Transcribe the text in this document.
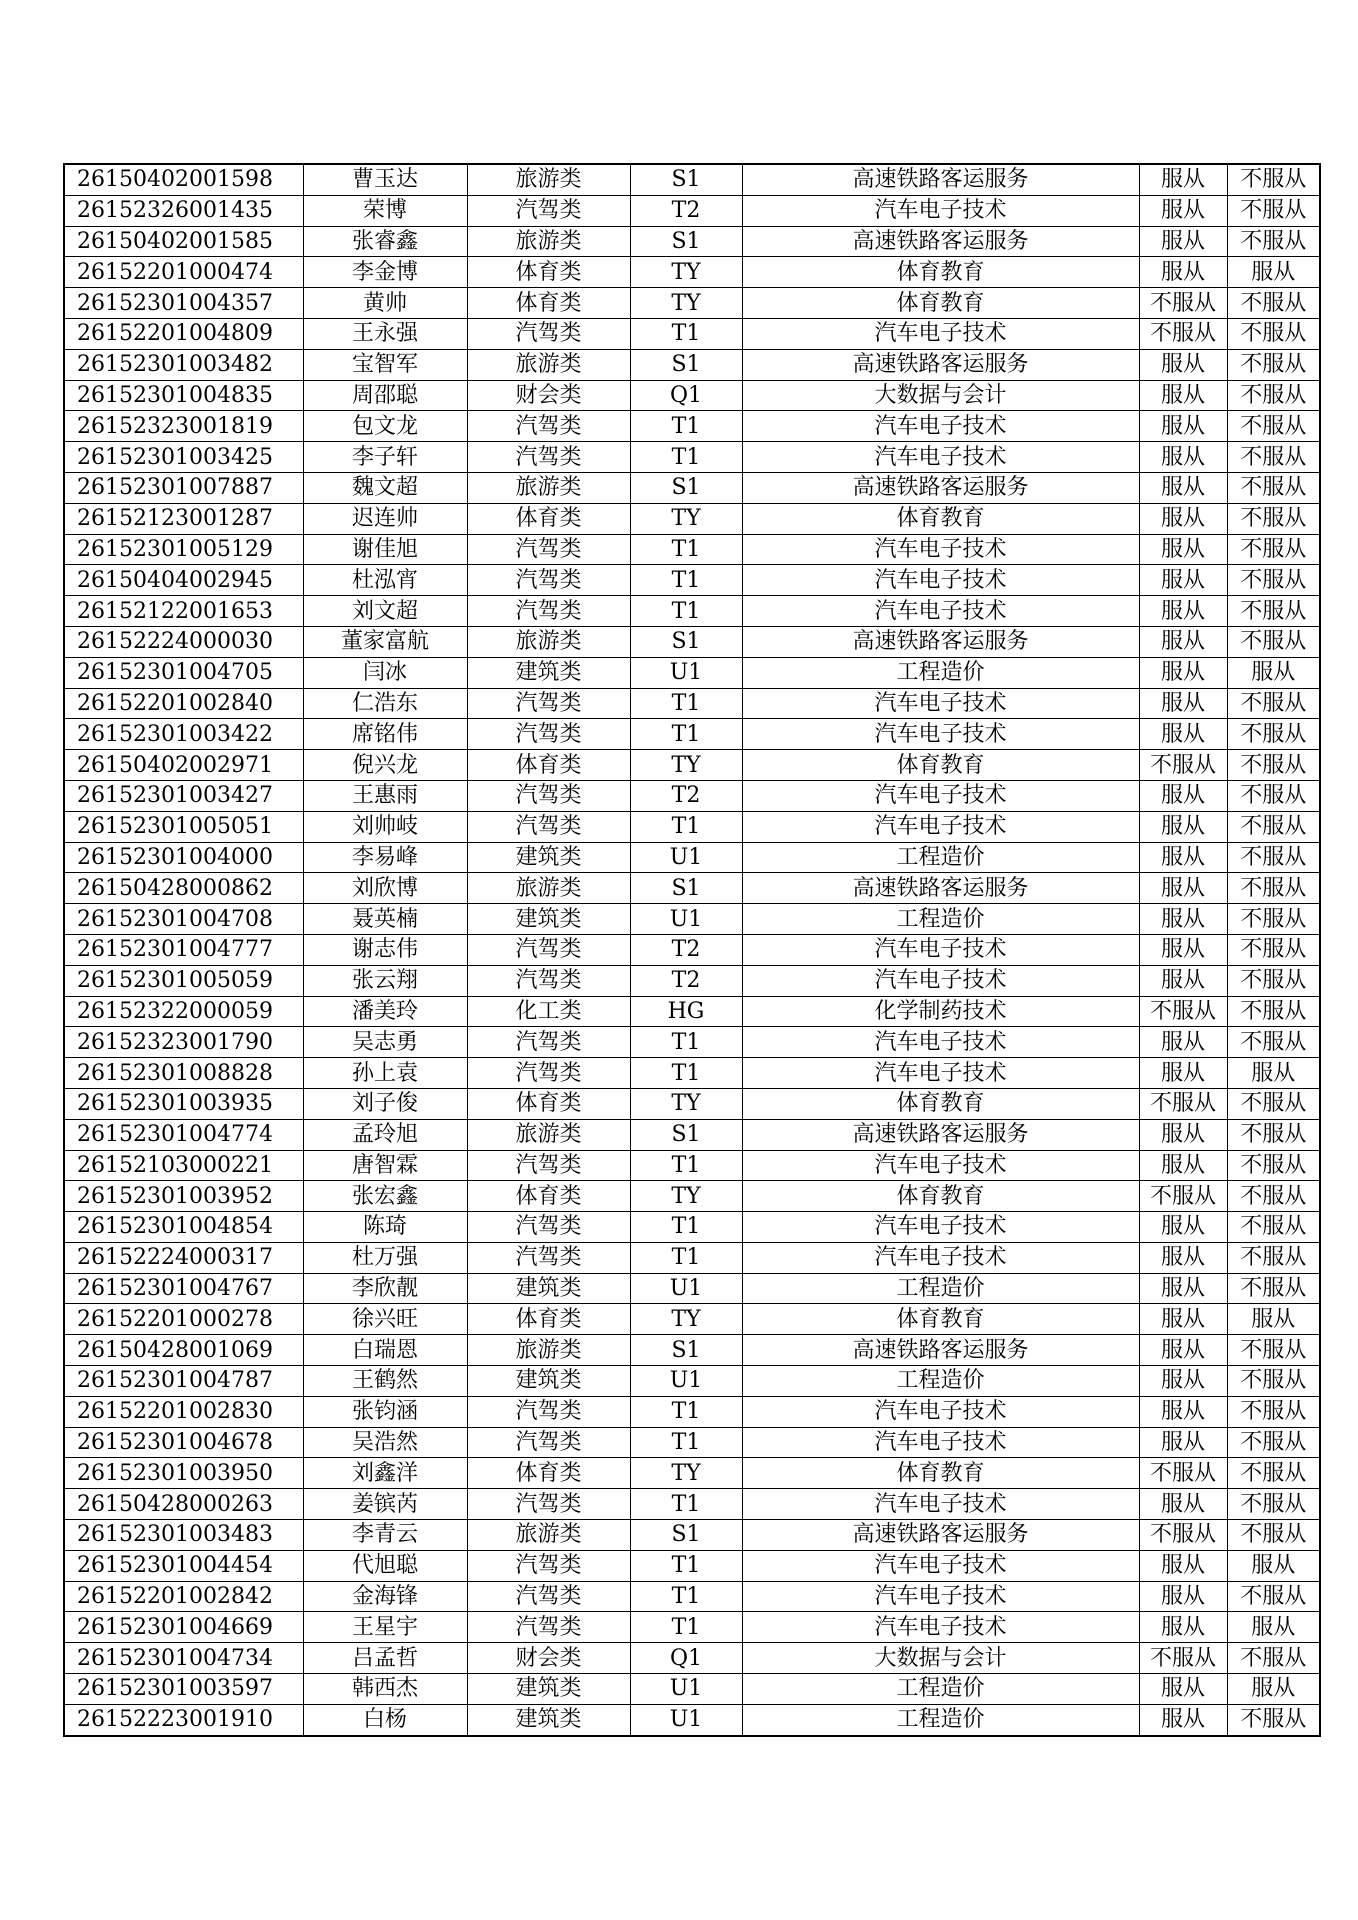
26150402001598	曹玉达	旅游类	S1	高速铁路客运服务	服从	不服从
26152326001435	荣博	汽驾类	T2	汽车电子技术	服从	不服从
26150402001585	张睿鑫	旅游类	S1	高速铁路客运服务	服从	不服从
26152201000474	李金博	体育类	TY	体育教育	服从	服从
26152301004357	黄帅	体育类	TY	体育教育	不服从	不服从
26152201004809	王永强	汽驾类	T1	汽车电子技术	不服从	不服从
26152301003482	宝智军	旅游类	S1	高速铁路客运服务	服从	不服从
26152301004835	周邵聪	财会类	Q1	大数据与会计	服从	不服从
26152323001819	包文龙	汽驾类	T1	汽车电子技术	服从	不服从
26152301003425	李子轩	汽驾类	T1	汽车电子技术	服从	不服从
26152301007887	魏文超	旅游类	S1	高速铁路客运服务	服从	不服从
26152123001287	迟连帅	体育类	TY	体育教育	服从	不服从
26152301005129	谢佳旭	汽驾类	T1	汽车电子技术	服从	不服从
26150404002945	杜泓宵	汽驾类	T1	汽车电子技术	服从	不服从
26152122001653	刘文超	汽驾类	T1	汽车电子技术	服从	不服从
26152224000030	董家富航	旅游类	S1	高速铁路客运服务	服从	不服从
26152301004705	闫冰	建筑类	U1	工程造价	服从	服从
26152201002840	仁浩东	汽驾类	T1	汽车电子技术	服从	不服从
26152301003422	席铭伟	汽驾类	T1	汽车电子技术	服从	不服从
26150402002971	倪兴龙	体育类	TY	体育教育	不服从	不服从
26152301003427	王惠雨	汽驾类	T2	汽车电子技术	服从	不服从
26152301005051	刘帅岐	汽驾类	T1	汽车电子技术	服从	不服从
26152301004000	李易峰	建筑类	U1	工程造价	服从	不服从
26150428000862	刘欣博	旅游类	S1	高速铁路客运服务	服从	不服从
26152301004708	聂英楠	建筑类	U1	工程造价	服从	不服从
26152301004777	谢志伟	汽驾类	T2	汽车电子技术	服从	不服从
26152301005059	张云翔	汽驾类	T2	汽车电子技术	服从	不服从
26152322000059	潘美玲	化工类	HG	化学制药技术	不服从	不服从
26152323001790	吴志勇	汽驾类	T1	汽车电子技术	服从	不服从
26152301008828	孙上袁	汽驾类	T1	汽车电子技术	服从	服从
26152301003935	刘子俊	体育类	TY	体育教育	不服从	不服从
26152301004774	孟玲旭	旅游类	S1	高速铁路客运服务	服从	不服从
26152103000221	唐智霖	汽驾类	T1	汽车电子技术	服从	不服从
26152301003952	张宏鑫	体育类	TY	体育教育	不服从	不服从
26152301004854	陈琦	汽驾类	T1	汽车电子技术	服从	不服从
26152224000317	杜万强	汽驾类	T1	汽车电子技术	服从	不服从
26152301004767	李欣靓	建筑类	U1	工程造价	服从	不服从
26152201000278	徐兴旺	体育类	TY	体育教育	服从	服从
26150428001069	白瑞恩	旅游类	S1	高速铁路客运服务	服从	不服从
26152301004787	王鹤然	建筑类	U1	工程造价	服从	不服从
26152201002830	张钧涵	汽驾类	T1	汽车电子技术	服从	不服从
26152301004678	吴浩然	汽驾类	T1	汽车电子技术	服从	不服从
26152301003950	刘鑫洋	体育类	TY	体育教育	不服从	不服从
26150428000263	姜镔芮	汽驾类	T1	汽车电子技术	服从	不服从
26152301003483	李青云	旅游类	S1	高速铁路客运服务	不服从	不服从
26152301004454	代旭聪	汽驾类	T1	汽车电子技术	服从	服从
26152201002842	金海锋	汽驾类	T1	汽车电子技术	服从	不服从
26152301004669	王星宇	汽驾类	T1	汽车电子技术	服从	服从
26152301004734	吕孟哲	财会类	Q1	大数据与会计	不服从	不服从
26152301003597	韩西杰	建筑类	U1	工程造价	服从	服从
26152223001910	白杨	建筑类	U1	工程造价	服从	不服从
